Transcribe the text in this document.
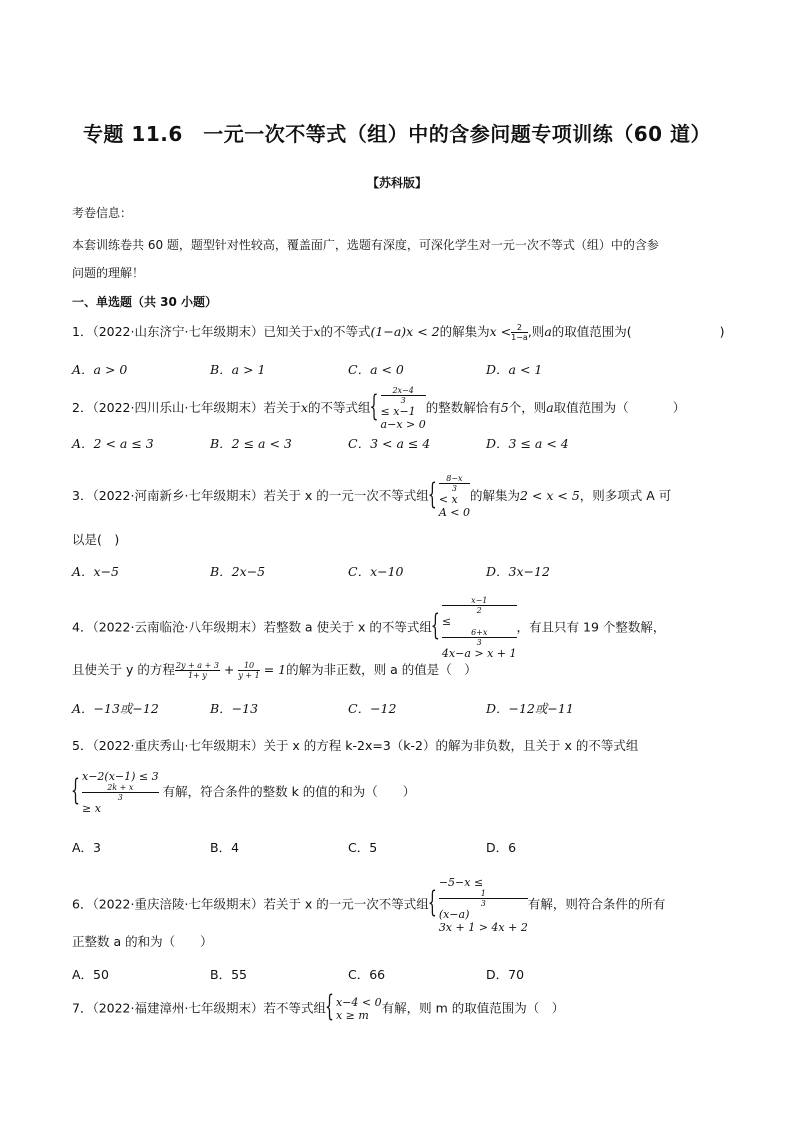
专题 11.6　一元一次不等式（组）中的含参问题专项训练（60 道）
【苏科版】
考卷信息：
本套训练卷共 60 题，题型针对性较高，覆盖面广，选题有深度，可深化学生对一元一次不等式（组）中的含参
问题的理解！
一、单选题（共 30 小题）
1．（2022·山东济宁·七年级期末）已知关于x的不等式(1−a)x < 2的解集为$x < \frac{2}{1-a}$ ,则a的取值范围为(	)
A．a > 0	B．a > 1	C．a < 0	D．a < 1
2．（2022·四川乐山·七年级期末）若关于x的不等式组
{ 2x−4
3
≤ x−1
a−x > 0
的整数解恰有5个，则a取值范围为（	）
A．2 < a ≤ 3	B．2 ≤ a < 3	C．3 < a ≤ 4	D．3 ≤ a < 4
3．（2022·河南新乡·七年级期末）若关于 x 的一元一次不等式组
{ 8−x
3
< x
A < 0
的解集为2 < x < 5，则多项式 A 可
以是(　)
A．x−5	B．2x−5	C．x−10	D．3x−12
4．（2022·云南临沧·八年级期末）若整数 a 使关于 x 的不等式组
{ x−1
2
≤
6+x
3
4x−a > x + 1
，有且只有 19 个整数解，
且使关于 y 的方程 $\frac{2y + a + 3}{1+ y} + \frac{10}{y + 1} = 1$的解为非正数，则 a 的值是（　）
A．−13或−12	B．−13	C．−12	D．−12或−11
5．（2022·重庆秀山·七年级期末）关于 x 的方程 k-2x=3（k-2）的解为非负数，且关于 x 的不等式组
{ x−2(x−1) ≤ 3
2k + x
3
≥ x
有解，符合条件的整数 k 的值的和为（　　）
A．3	B．4	C．5	D．6
6．（2022·重庆涪陵·七年级期末）若关于 x 的一元一次不等式组
{ −5−x ≤
1
3
(x−a)
3x + 1 > 4x + 2
有解，则符合条件的所有
正整数 a 的和为（　　）
A．50	B．55	C．66	D．70
7．（2022·福建漳州·七年级期末）若不等式组
{ x−4 < 0
x ≥ m	有解，则 m 的取值范围为（　）
